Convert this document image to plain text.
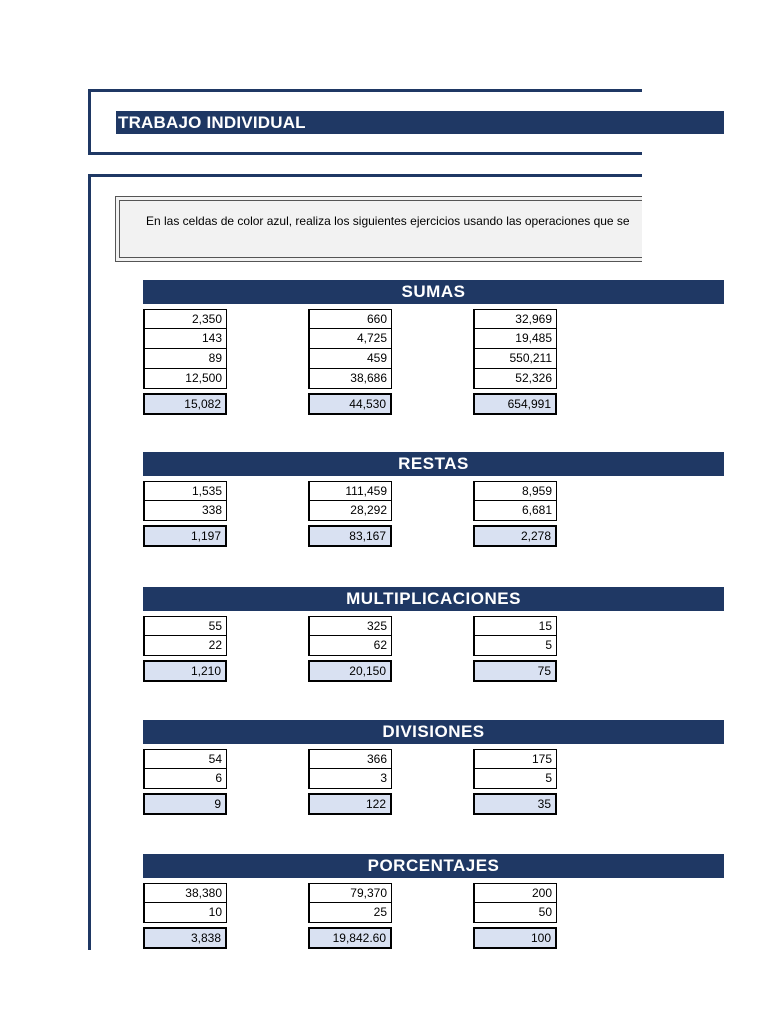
TRABAJO INDIVIDUAL
En las celdas de color azul, realiza los siguientes ejercicios usando las operaciones que se
SUMAS
2,350
143
89
12,500
15,082
660
4,725
459
38,686
44,530
32,969
19,485
550,211
52,326
654,991
RESTAS
1,535
338
1,197
111,459
28,292
83,167
8,959
6,681
2,278
MULTIPLICACIONES
55
22
1,210
325
62
20,150
15
5
75
DIVISIONES
54
6
9
366
3
122
175
5
35
PORCENTAJES
38,380
10
3,838
79,370
25
19,842.60
200
50
100
